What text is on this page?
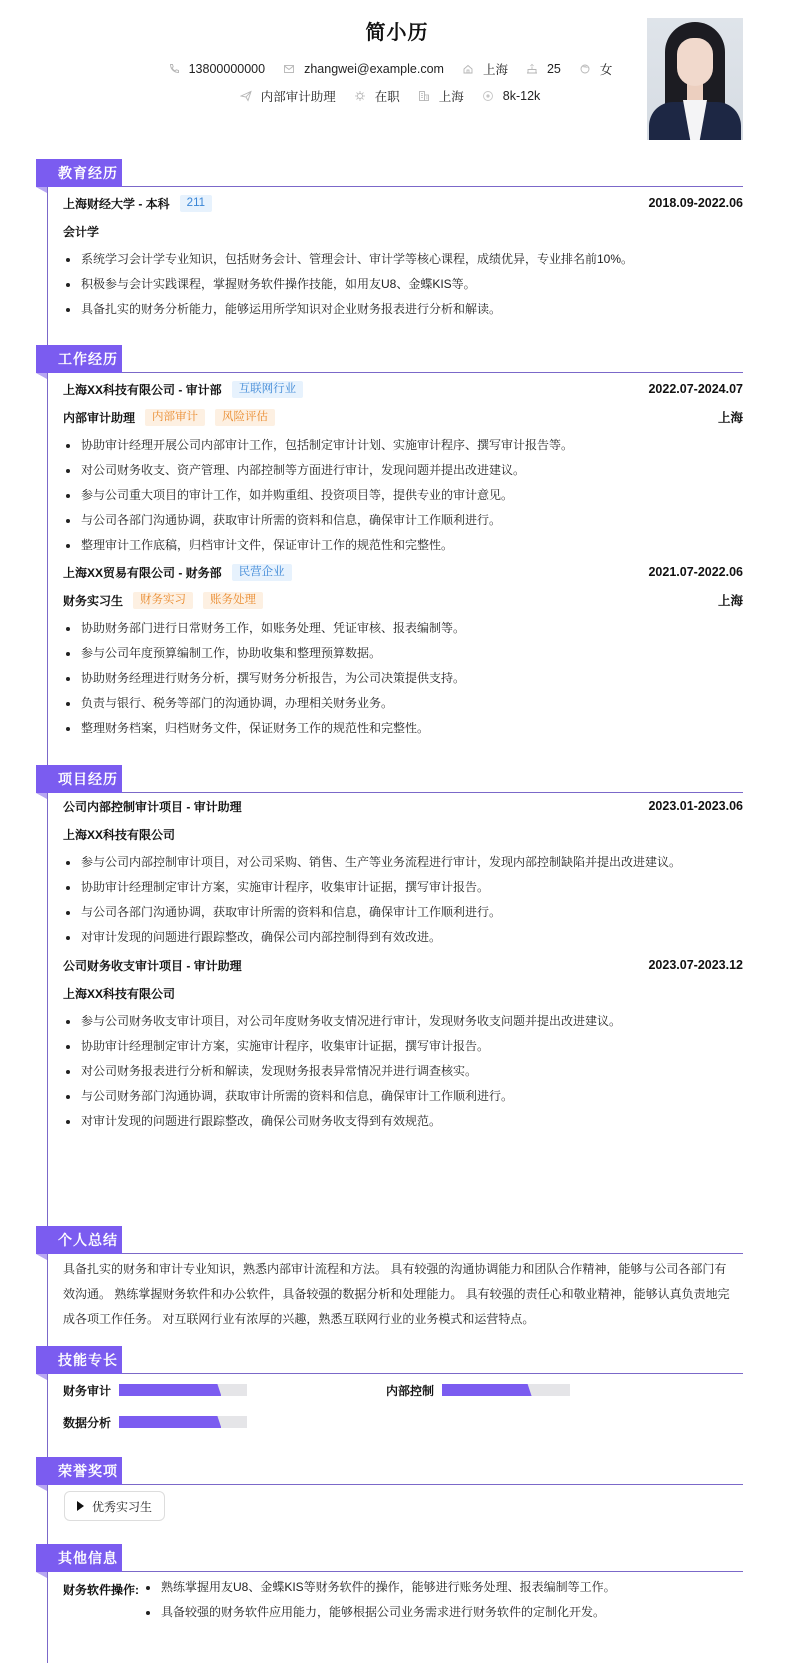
简小历
13800000000	zhangwei@example.com	上海	25	女
内部审计助理	在职	上海	8k-12k
教育经历
上海财经大学 - 本科	211	2018.09-2022.06
会计学
系统学习会计学专业知识，包括财务会计、管理会计、审计学等核心课程，成绩优异，专业排名前10%。
积极参与会计实践课程，掌握财务软件操作技能，如用友U8、金蝶KIS等。
具备扎实的财务分析能力，能够运用所学知识对企业财务报表进行分析和解读。
工作经历
上海XX科技有限公司 - 审计部	互联网行业	2022.07-2024.07
内部审计助理	内部审计	风险评估	上海
协助审计经理开展公司内部审计工作，包括制定审计计划、实施审计程序、撰写审计报告等。
对公司财务收支、资产管理、内部控制等方面进行审计，发现问题并提出改进建议。
参与公司重大项目的审计工作，如并购重组、投资项目等，提供专业的审计意见。
与公司各部门沟通协调，获取审计所需的资料和信息，确保审计工作顺利进行。
整理审计工作底稿，归档审计文件，保证审计工作的规范性和完整性。
上海XX贸易有限公司 - 财务部	民营企业	2021.07-2022.06
财务实习生	财务实习	账务处理	上海
协助财务部门进行日常财务工作，如账务处理、凭证审核、报表编制等。
参与公司年度预算编制工作，协助收集和整理预算数据。
协助财务经理进行财务分析，撰写财务分析报告，为公司决策提供支持。
负责与银行、税务等部门的沟通协调，办理相关财务业务。
整理财务档案，归档财务文件，保证财务工作的规范性和完整性。
项目经历
公司内部控制审计项目 - 审计助理	2023.01-2023.06
上海XX科技有限公司
参与公司内部控制审计项目，对公司采购、销售、生产等业务流程进行审计，发现内部控制缺陷并提出改进建议。
协助审计经理制定审计方案，实施审计程序，收集审计证据，撰写审计报告。
与公司各部门沟通协调，获取审计所需的资料和信息，确保审计工作顺利进行。
对审计发现的问题进行跟踪整改，确保公司内部控制得到有效改进。
公司财务收支审计项目 - 审计助理	2023.07-2023.12
上海XX科技有限公司
参与公司财务收支审计项目，对公司年度财务收支情况进行审计，发现财务收支问题并提出改进建议。
协助审计经理制定审计方案，实施审计程序，收集审计证据，撰写审计报告。
对公司财务报表进行分析和解读，发现财务报表异常情况并进行调查核实。
与公司财务部门沟通协调，获取审计所需的资料和信息，确保审计工作顺利进行。
对审计发现的问题进行跟踪整改，确保公司财务收支得到有效规范。
个人总结
具备扎实的财务和审计专业知识，熟悉内部审计流程和方法。 具有较强的沟通协调能力和团队合作精神，能够与公司各部门有
效沟通。 熟练掌握财务软件和办公软件，具备较强的数据分析和处理能力。 具有较强的责任心和敬业精神，能够认真负责地完
成各项工作任务。 对互联网行业有浓厚的兴趣，熟悉互联网行业的业务模式和运营特点。
技能专长
财务审计	内部控制
数据分析
荣誉奖项
优秀实习生
其他信息
财务软件操作:	熟练掌握用友U8、金蝶KIS等财务软件的操作，能够进行账务处理、报表编制等工作。
具备较强的财务软件应用能力，能够根据公司业务需求进行财务软件的定制化开发。
